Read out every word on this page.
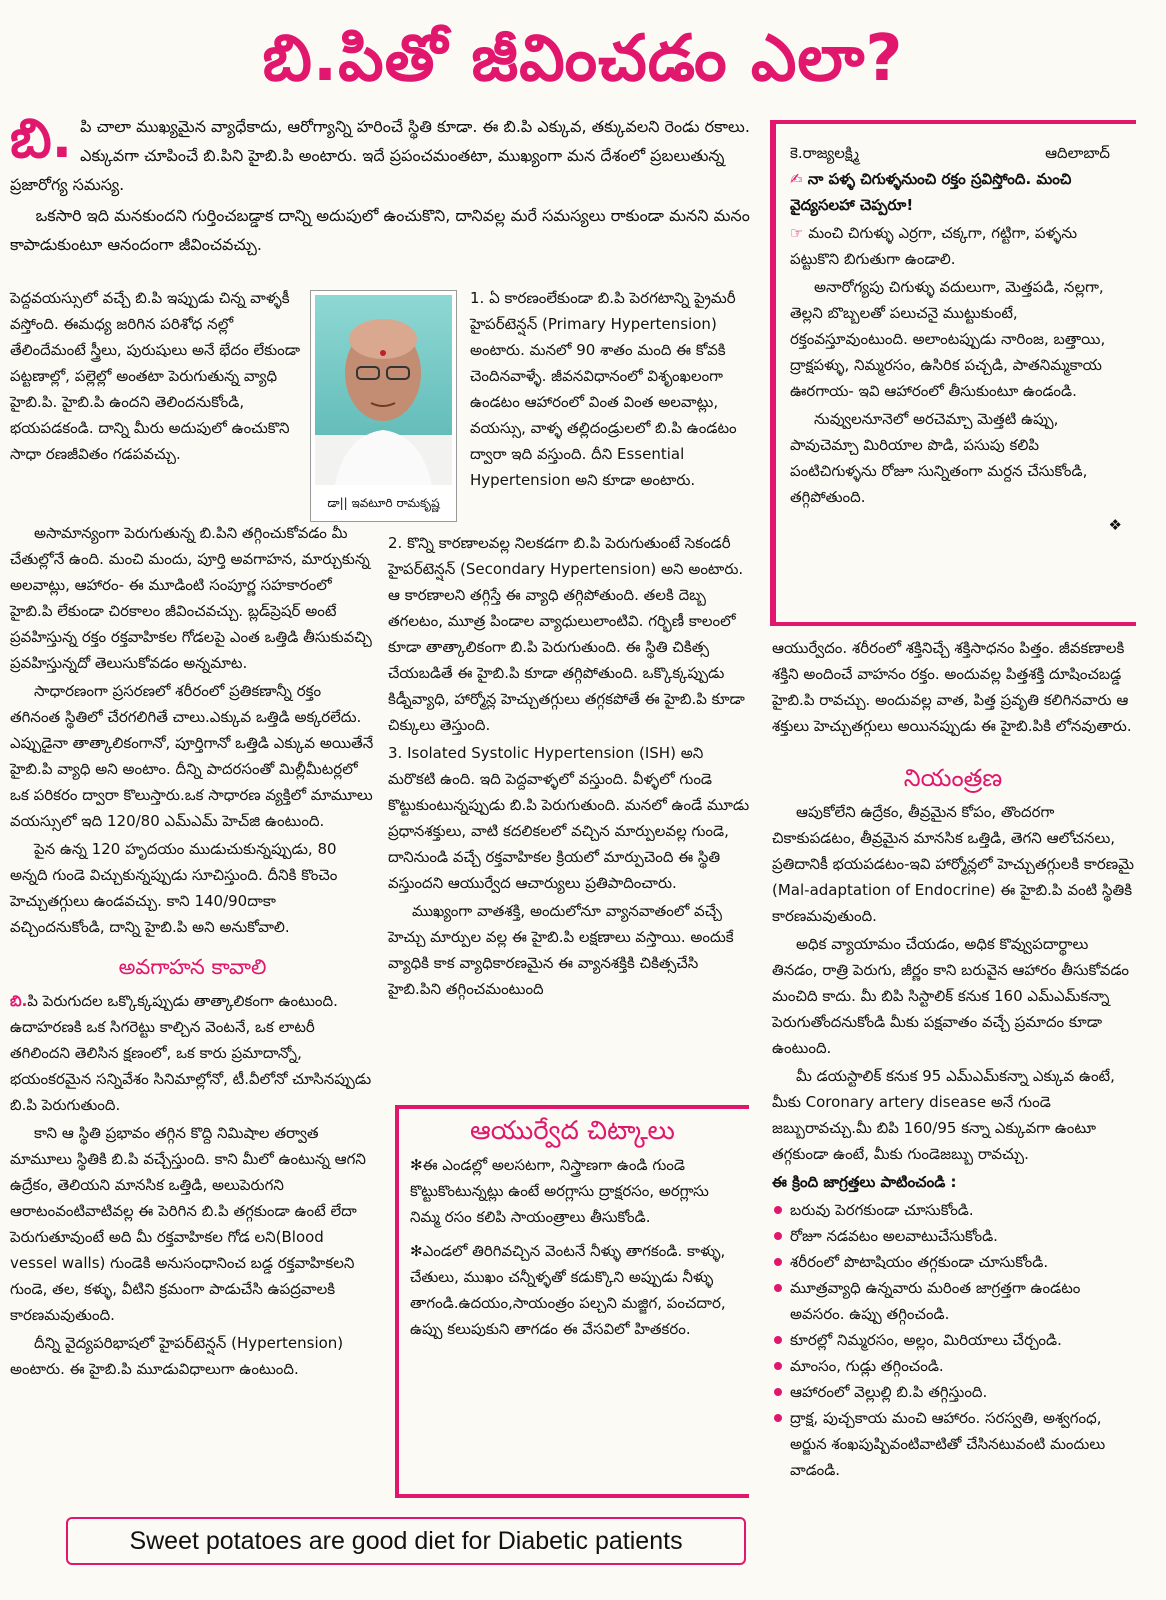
బి.పితో జీవించడం ఎలా?
బి. పి చాలా ముఖ్యమైన వ్యాధేకాదు, ఆరోగ్యాన్ని హరించే స్థితి కూడా. ఈ బి.పి ఎక్కువ, తక్కువలని రెండు రకాలు. ఎక్కువగా చూపించే బి.పిని హైబి.పి అంటారు. ఇదే ప్రపంచమంతటా, ముఖ్యంగా మన దేశంలో ప్రబలుతున్న ప్రజారోగ్య సమస్య.

ఒకసారి ఇది మనకుందని గుర్తించబడ్డాక దాన్ని అదుపులో ఉంచుకొని, దానివల్ల మరే సమస్యలు రాకుండా మనని మనం కాపాడుకుంటూ ఆనందంగా జీవించవచ్చు.

డా|| ఇవటూరి రామకృష్ణ

పెద్దవయస్సులో వచ్చే బి.పి ఇప్పుడు చిన్న వాళ్ళకీ వస్తోంది. ఈమధ్య జరిగిన పరిశోధ నల్లో తేలిందేమంటే స్త్రీలు, పురుషులు అనే భేదం లేకుండా పట్టణాల్లో, పల్లెల్లో అంతటా పెరుగుతున్న వ్యాధి హైబి.పి. హైబి.పి ఉందని తెలిందనుకోండి, భయపడకండి. దాన్ని మీరు అదుపులో ఉంచుకొని సాధా రణజీవితం గడపవచ్చు.

అసామాన్యంగా పెరుగుతున్న బి.పిని తగ్గించుకోవడం మీ చేతుల్లోనే ఉంది. మంచి మందు, పూర్తి అవగాహన, మార్చుకున్న అలవాట్లు, ఆహారం- ఈ మూడింటి సంపూర్ణ సహకారంలో హైబి.పి లేకుండా చిరకాలం జీవించవచ్చు. బ్లడ్‌ప్రెషర్ అంటే ప్రవహిస్తున్న రక్తం రక్తవాహికల గోడలపై ఎంత ఒత్తిడి తీసుకువచ్చి ప్రవహిస్తున్నదో తెలుసుకోవడం అన్నమాట.

సాధారణంగా ప్రసరణలో శరీరంలో ప్రతికణాన్నీ రక్తం తగినంత స్థితిలో చేరగలిగితే చాలు.ఎక్కువ ఒత్తిడి అక్కరలేదు. ఎప్పుడైనా తాత్కాలికంగానో, పూర్తిగానో ఒత్తిడి ఎక్కువ అయితేనే హైబి.పి వ్యాధి అని అంటాం. దీన్ని పాదరసంతో మిల్లీమీటర్లలో ఒక పరికరం ద్వారా కొలుస్తారు.ఒక సాధారణ వ్యక్తిలో మామూలు వయస్సులో ఇది 120/80 ఎమ్ఎమ్ హెచ్‌జి ఉంటుంది.

పైన ఉన్న 120 హృదయం ముడుచుకున్నప్పుడు, 80 అన్నది గుండె విచ్చుకున్నప్పుడు సూచిస్తుంది. దీనికి కొంచెం హెచ్చుతగ్గులు ఉండవచ్చు. కాని 140/90దాకా వచ్చిందనుకోండి, దాన్ని హైబి.పి అని అనుకోవాలి.

అవగాహన కావాలి

బి.పి పెరుగుదల ఒక్కొక్కప్పుడు తాత్కాలికంగా ఉంటుంది. ఉదాహరణకి ఒక సిగరెట్టు కాల్చిన వెంటనే, ఒక లాటరీ తగిలిందని తెలిసిన క్షణంలో, ఒక కారు ప్రమాదాన్నో, భయంకరమైన సన్నివేశం సినిమాల్లోనో, టీ.వీలోనో చూసినప్పుడు బి.పి పెరుగుతుంది.

కాని ఆ స్థితి ప్రభావం తగ్గిన కొద్ది నిమిషాల తర్వాత మామూలు స్థితికి బి.పి వచ్చేస్తుంది. కాని మీలో ఉంటున్న ఆగని ఉద్రేకం, తెలియని మానసిక ఒత్తిడి, అలుపెరుగని ఆరాటంవంటివాటివల్ల ఈ పెరిగిన బి.పి తగ్గకుండా ఉంటే లేదా పెరుగుతూవుంటే అది మీ రక్తవాహికల గోడ లని(Blood vessel walls) గుండెకి అనుసంధానించ బడ్డ రక్తవాహికలని గుండె, తల, కళ్ళు, వీటిని క్రమంగా పాడుచేసి ఉపద్రవాలకి కారణమవుతుంది.

దీన్ని వైద్యపరిభాషలో హైపర్‌టెన్షన్ (Hypertension) అంటారు. ఈ హైబి.పి మూడువిధాలుగా ఉంటుంది.

1. ఏ కారణంలేకుండా బి.పి పెరగటాన్ని ప్రైమరీ హైపర్‌టెన్షన్ (Primary Hypertension) అంటారు. మనలో 90 శాతం మంది ఈ కోవకి చెందినవాళ్ళే. జీవనవిధానంలో విశృంఖలంగా ఉండటం ఆహారంలో వింత వింత అలవాట్లు, వయస్సు, వాళ్ళ తల్లిదండ్రులలో బి.పి ఉండటం ద్వారా ఇది వస్తుంది. దీని Essential Hypertension అని కూడా అంటారు.

2. కొన్ని కారణాలవల్ల నిలకడగా బి.పి పెరుగుతుంటే సెకండరీ హైపర్‌టెన్షన్ (Secondary Hypertension) అని అంటారు. ఆ కారణాలని తగ్గిస్తే ఈ వ్యాధి తగ్గిపోతుంది. తలకి దెబ్బ తగలటం, మూత్ర పిండాల వ్యాధులులాంటివి. గర్భిణీ కాలంలో కూడా తాత్కాలికంగా బి.పి పెరుగుతుంది. ఈ స్థితి చికిత్స చేయబడితే ఈ హైబి.పి కూడా తగ్గిపోతుంది. ఒక్కొక్కప్పుడు కిడ్నీవ్యాధి, హార్మోన్ల హెచ్చుతగ్గులు తగ్గకపోతే ఈ హైబి.పి కూడా చిక్కులు తెస్తుంది.

3. Isolated Systolic Hypertension (ISH) అని మరొకటి ఉంది. ఇది పెద్దవాళ్ళలో వస్తుంది. వీళ్ళలో గుండె కొట్టుకుంటున్నప్పుడు బి.పి పెరుగుతుంది. మనలో ఉండే మూడు ప్రధానశక్తులు, వాటి కదలికలలో వచ్చిన మార్పులవల్ల గుండె, దానినుండి వచ్చే రక్తవాహికల క్రియలో మార్పుచెంది ఈ స్థితి వస్తుందని ఆయుర్వేద ఆచార్యులు ప్రతిపాదించారు.

ముఖ్యంగా వాతశక్తి, అందులోనూ వ్యానవాతంలో వచ్చే హెచ్చు మార్పుల వల్ల ఈ హైబి.పి లక్షణాలు వస్తాయి. అందుకే వ్యాధికి కాక వ్యాధికారణమైన ఈ వ్యానశక్తికి చికిత్సచేసి హైబి.పిని తగ్గించమంటుంది

ఆయుర్వేద చిట్కాలు

✻ఈ ఎండల్లో అలసటగా, నిస్త్రాణగా ఉండి గుండె కొట్టుకొంటున్నట్లు ఉంటే అరగ్లాసు ద్రాక్షరసం, అరగ్లాసు నిమ్మ రసం కలిపి సాయంత్రాలు తీసుకోండి.

✻ఎండలో తిరిగివచ్చిన వెంటనే నీళ్ళు తాగకండి. కాళ్ళు, చేతులు, ముఖం చన్నీళ్ళతో కడుక్కొని అప్పుడు నీళ్ళు తాగండి.ఉదయం,సాయంత్రం పల్చని మజ్జిగ, పంచదార, ఉప్పు కలుపుకుని తాగడం ఈ వేసవిలో హితకరం.

కె.రాజ్యలక్ష్మి	ఆదిలాబాద్

✍ నా పళ్ళ చిగుళ్ళనుంచి రక్తం స్రవిస్తోంది. మంచి వైద్యసలహా చెప్పరూ!

☞ మంచి చిగుళ్ళు ఎర్రగా, చక్కగా, గట్టిగా, పళ్ళను పట్టుకొని బిగుతుగా ఉండాలి.

అనారోగ్యపు చిగుళ్ళు వదులుగా, మెత్తపడి, నల్లగా, తెల్లని బొబ్బలతో పలుచనై ముట్టుకుంటే, రక్తంవస్తూవుంటుంది. అలాంటప్పుడు నారింజ, బత్తాయి, ద్రాక్షపళ్ళు, నిమ్మరసం, ఉసిరిక పచ్చడి, పాతనిమ్మకాయ ఊరగాయ- ఇవి ఆహారంలో తీసుకుంటూ ఉండండి.

నువ్వులనూనెలో అరచెమ్చా మెత్తటి ఉప్పు, పావుచెమ్చా మిరియాల పొడి, పసుపు కలిపి పంటిచిగుళ్ళను రోజూ సున్నితంగా మర్దన చేసుకోండి, తగ్గిపోతుంది.

❖

ఆయుర్వేదం. శరీరంలో శక్తినిచ్చే శక్తిసాధనం పిత్తం. జీవకణాలకి శక్తిని అందించే వాహనం రక్తం. అందువల్ల పిత్తశక్తి దూషించబడ్డ హైబి.పి రావచ్చు. అందువల్ల వాత, పిత్త ప్రవృతి కలిగినవారు ఆ శక్తులు హెచ్చుతగ్గులు అయినప్పుడు ఈ హైబి.పికి లోనవుతారు.

నియంత్రణ

ఆపుకోలేని ఉద్రేకం, తీవ్రమైన కోపం, తొందరగా చికాకుపడటం, తీవ్రమైన మానసిక ఒత్తిడి, తెగని ఆలోచనలు, ప్రతిదానికీ భయపడటం-ఇవి హార్మోన్లలో హెచ్చుతగ్గులకి కారణమై (Mal-adaptation of Endocrine) ఈ హైబి.పి వంటి స్థితికి కారణమవుతుంది.

అధిక వ్యాయామం చేయడం, అధిక కొవ్వుపదార్థాలు తినడం, రాత్రి పెరుగు, జీర్ణం కాని బరువైన ఆహారం తీసుకోవడం మంచిది కాదు. మీ బిపి సిస్టాలిక్ కనుక 160 ఎమ్ఎమ్‌కన్నా పెరుగుతోందనుకోండి మీకు పక్షవాతం వచ్చే ప్రమాదం కూడా ఉంటుంది.

మీ డయస్టాలిక్ కనుక 95 ఎమ్ఎమ్‌కన్నా ఎక్కువ ఉంటే, మీకు Coronary artery disease అనే గుండె జబ్బురావచ్చు.మీ బిపి 160/95 కన్నా ఎక్కువగా ఉంటూ తగ్గకుండా ఉంటే, మీకు గుండెజబ్బు రావచ్చు.

ఈ క్రింది జాగ్రత్తలు పాటించండి :

బరువు పెరగకుండా చూసుకోండి.
రోజూ నడవటం అలవాటుచేసుకోండి.
శరీరంలో పొటాషియం తగ్గకుండా చూసుకోండి.
మూత్రవ్యాధి ఉన్నవారు మరింత జాగ్రత్తగా ఉండటం అవసరం. ఉప్పు తగ్గించండి.
కూరల్లో నిమ్మరసం, అల్లం, మిరియాలు చేర్చండి.
మాంసం, గుడ్లు తగ్గించండి.
ఆహారంలో వెల్లుల్లి బి.పి తగ్గిస్తుంది.
ద్రాక్ష, పుచ్చకాయ మంచి ఆహారం. సరస్వతి, అశ్వగంధ, అర్జున శంఖపుష్పివంటివాటితో చేసినటువంటి మందులు వాడండి.
Sweet potatoes are good diet for Diabetic patients
